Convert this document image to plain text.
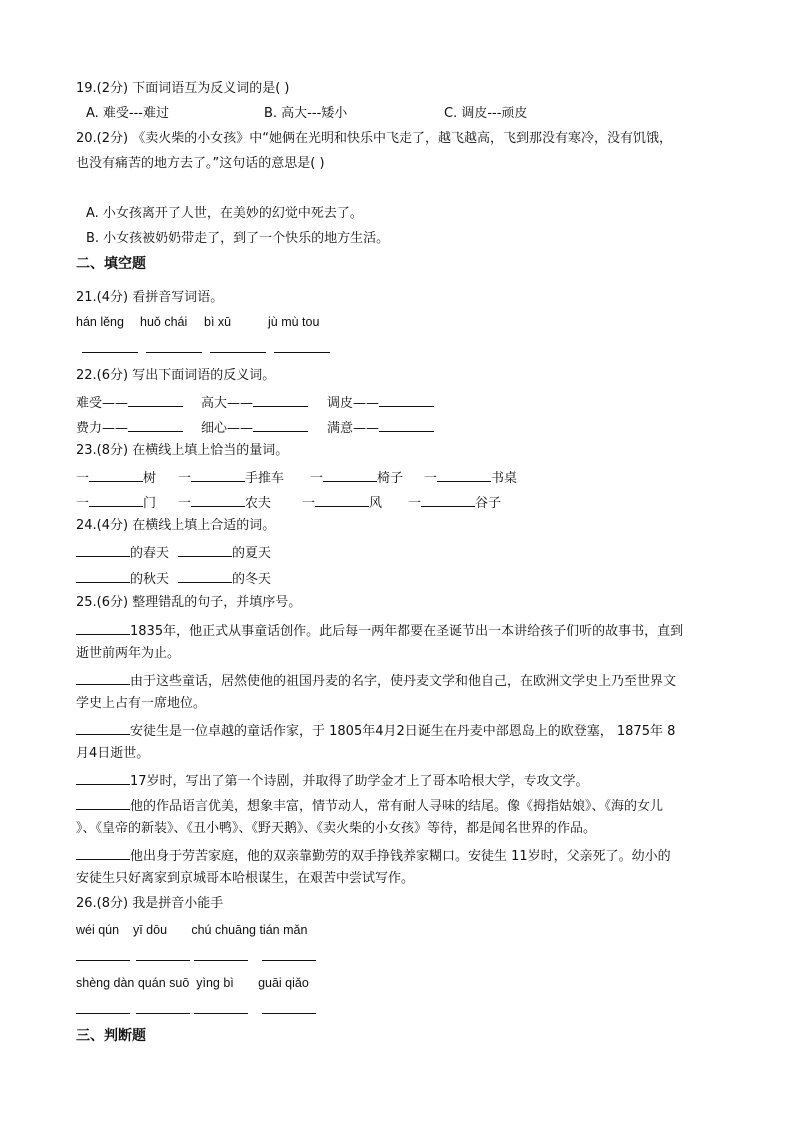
19.(2分) 下面词语互为反义词的是( )
A. 难受---难过	B. 高大---矮小	C. 调皮---顽皮
20.(2分) 《卖火柴的小女孩》中“她俩在光明和快乐中飞走了，越飞越高，飞到那没有寒冷，没有饥饿，
也没有痛苦的地方去了。”这句话的意思是( )
A. 小女孩离开了人世，在美妙的幻觉中死去了。
B. 小女孩被奶奶带走了，到了一个快乐的地方生活。
二、填空题
21.(4分) 看拼音写词语。
hán lěng huǒ chái bì xū	jù mù tou
22.(6分) 写出下面词语的反义词。
难受——	高大——	调皮——
费力——	细心——	满意——
23.(8分) 在横线上填上恰当的量词。
一	树 一	手推车 一	椅子 一	书桌
一	门 一	农夫 一	风 一	谷子
24.(4分) 在横线上填上合适的词。
的春天	的夏天
的秋天	的冬天
25.(6分) 整理错乱的句子，并填序号。
1835年，他正式从事童话创作。此后每一两年都要在圣诞节出一本讲给孩子们听的故事书，直到
逝世前两年为止。
由于这些童话，居然使他的祖国丹麦的名字，使丹麦文学和他自己，在欧洲文学史上乃至世界文
学史上占有一席地位。
安徒生是一位卓越的童话作家，于 1805年4月2日诞生在丹麦中部恩岛上的欧登塞， 1875年 8
月4日逝世。
17岁时，写出了第一个诗剧，并取得了助学金才上了哥本哈根大学，专攻文学。
他的作品语言优美，想象丰富，情节动人，常有耐人寻味的结尾。像《拇指姑娘》、《海的女儿
》、《皇帝的新装》、《丑小鸭》、《野天鹅》、《卖火柴的小女孩》等待，都是闻名世界的作品。
他出身于劳苦家庭，他的双亲靠勤劳的双手挣钱养家糊口。安徒生 11岁时，父亲死了。幼小的
安徒生只好离家到京城哥本哈根谋生，在艰苦中尝试写作。
26.(8分) 我是拼音小能手
wéi qún    yī dōu       chú chuāng tián mǎn
shèng dàn quán suō  yìng bì       guāi qiǎo
三、判断题
